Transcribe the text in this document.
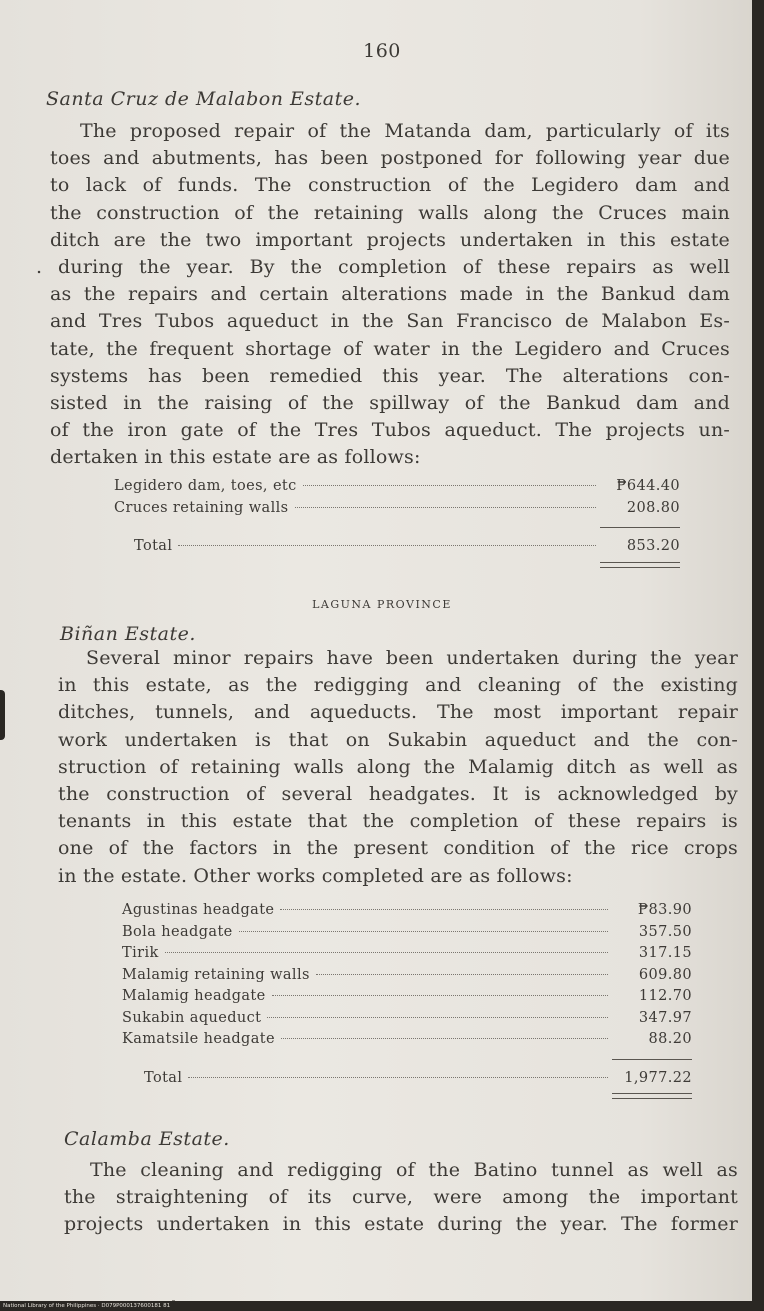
160
Santa Cruz de Malabon Estate.
The proposed repair of the Matanda dam, particularly of its
toes and abutments, has been postponed for following year due
to lack of funds. The construction of the Legidero dam and
the construction of the retaining walls along the Cruces main
ditch are the two important projects undertaken in this estate
. during the year. By the completion of these repairs as well
as the repairs and certain alterations made in the Bankud dam
and Tres Tubos aqueduct in the San Francisco de Malabon Es-
tate, the frequent shortage of water in the Legidero and Cruces
systems has been remedied this year. The alterations con-
sisted in the raising of the spillway of the Bankud dam and
of the iron gate of the Tres Tubos aqueduct. The projects un-
dertaken in this estate are as follows:
Legidero dam, toes, etc	₱644.40
Cruces retaining walls	208.80
Total	853.20
LAGUNA PROVINCE
Biñan Estate.
Several minor repairs have been undertaken during the year
in this estate, as the redigging and cleaning of the existing
ditches, tunnels, and aqueducts. The most important repair
work undertaken is that on Sukabin aqueduct and the con-
struction of retaining walls along the Malamig ditch as well as
the construction of several headgates. It is acknowledged by
tenants in this estate that the completion of these repairs is
one of the factors in the present condition of the rice crops
in the estate. Other works completed are as follows:
Agustinas headgate	₱83.90
Bola headgate	357.50
Tirik	317.15
Malamig retaining walls	609.80
Malamig headgate	112.70
Sukabin aqueduct	347.97
Kamatsile headgate	88.20
Total	1,977.22
Calamba Estate.
The cleaning and redigging of the Batino tunnel as well as
the straightening of its curve, were among the important
projects undertaken in this estate during the year. The former
National Library of the Philippines · D079P000137600181 81
